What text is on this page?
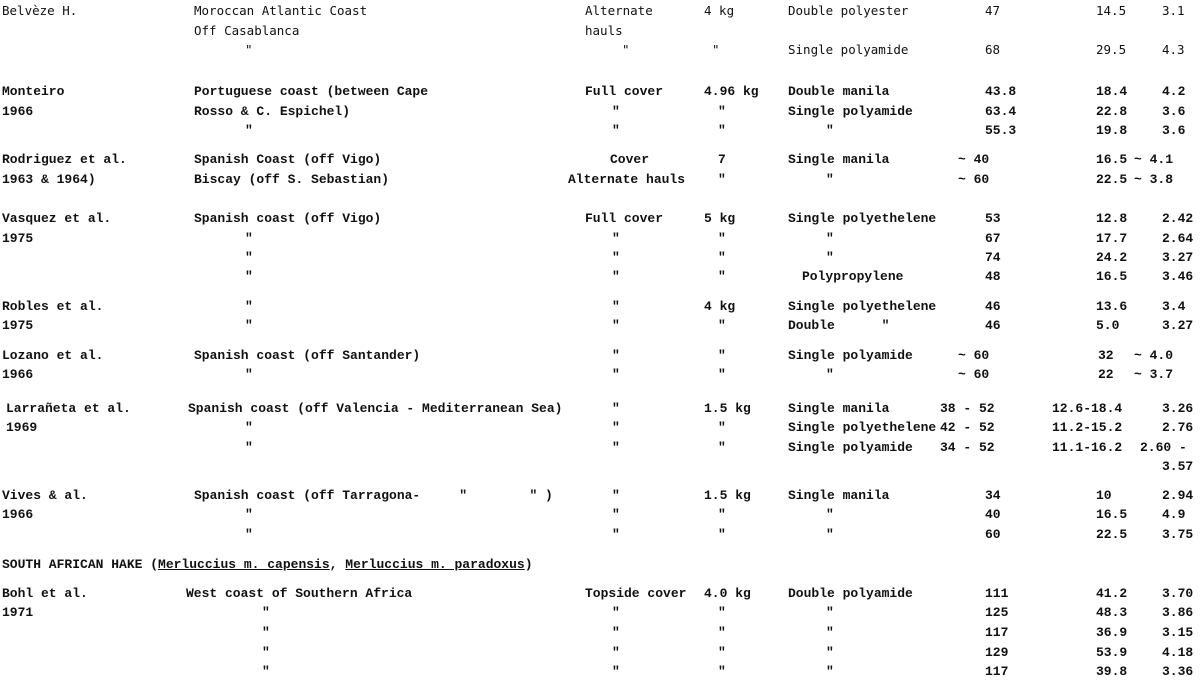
SOUTH AFRICAN HAKE (Merluccius m. capensis, Merluccius m. paradoxus)
Belvèze H.	Moroccan Atlantic Coast	Alternate	4 kg	Double polyester	47	14.5	3.1
Off Casablanca	hauls
"	"	"	Single polyamide	68	29.5	4.3
Monteiro	Portuguese coast (between Cape	Full cover	4.96 kg Double manila	43.8	18.4	4.2
1966	Rosso & C. Espichel)	"	"	Single polyamide	63.4	22.8	3.6
"	"	"	"	55.3	19.8	3.6
Rodriguez et al.	Spanish Coast (off Vigo)	Cover	7	Single manila	~ 40	16.5 ~ 4.1
1963 & 1964)	Biscay (off S. Sebastian)	Alternate hauls	"	"	~ 60	22.5 ~ 3.8
Vasquez et al.	Spanish coast (off Vigo)	Full cover	5 kg	Single polyethelene	53	12.8	2.42
1975	"	"	"	"	67	17.7	2.64
"	"	"	"	74	24.2	3.27
"	"	"	Polypropylene	48	16.5	3.46
Robles et al.	"	"	4 kg	Single polyethelene	46	13.6	3.4
1975	"	"	"	Double      "	46	5.0	3.27
Lozano et al.	Spanish coast (off Santander)	"	"	Single polyamide	~ 60	32 ~ 4.0
1966	"	"	"	"	~ 60	22 ~ 3.7
Larrañeta et al.	Spanish coast (off Valencia - Mediterranean Sea)	"	1.5 kg	Single manila	38 - 52	12.6-18.4	3.26
1969	"	"	"	Single polyethelene 42 - 52	11.2-15.2	2.76
"	"	"	Single polyamide 34 - 52	11.1-16.2 2.60 -
3.57
Vives & al.	Spanish coast (off Tarragona-     "        " )	"	1.5 kg	Single manila	34	10	2.94
1966	"	"	"	"	40	16.5	4.9
"	"	"	"	60	22.5	3.75
Bohl et al.	West coast of Southern Africa	Topside cover 4.0 kg	Double polyamide	111	41.2	3.70
1971	"	"	"	"	125	48.3	3.86
"	"	"	"	117	36.9	3.15
"	"	"	"	129	53.9	4.18
"	"	"	"	117	39.8	3.36
